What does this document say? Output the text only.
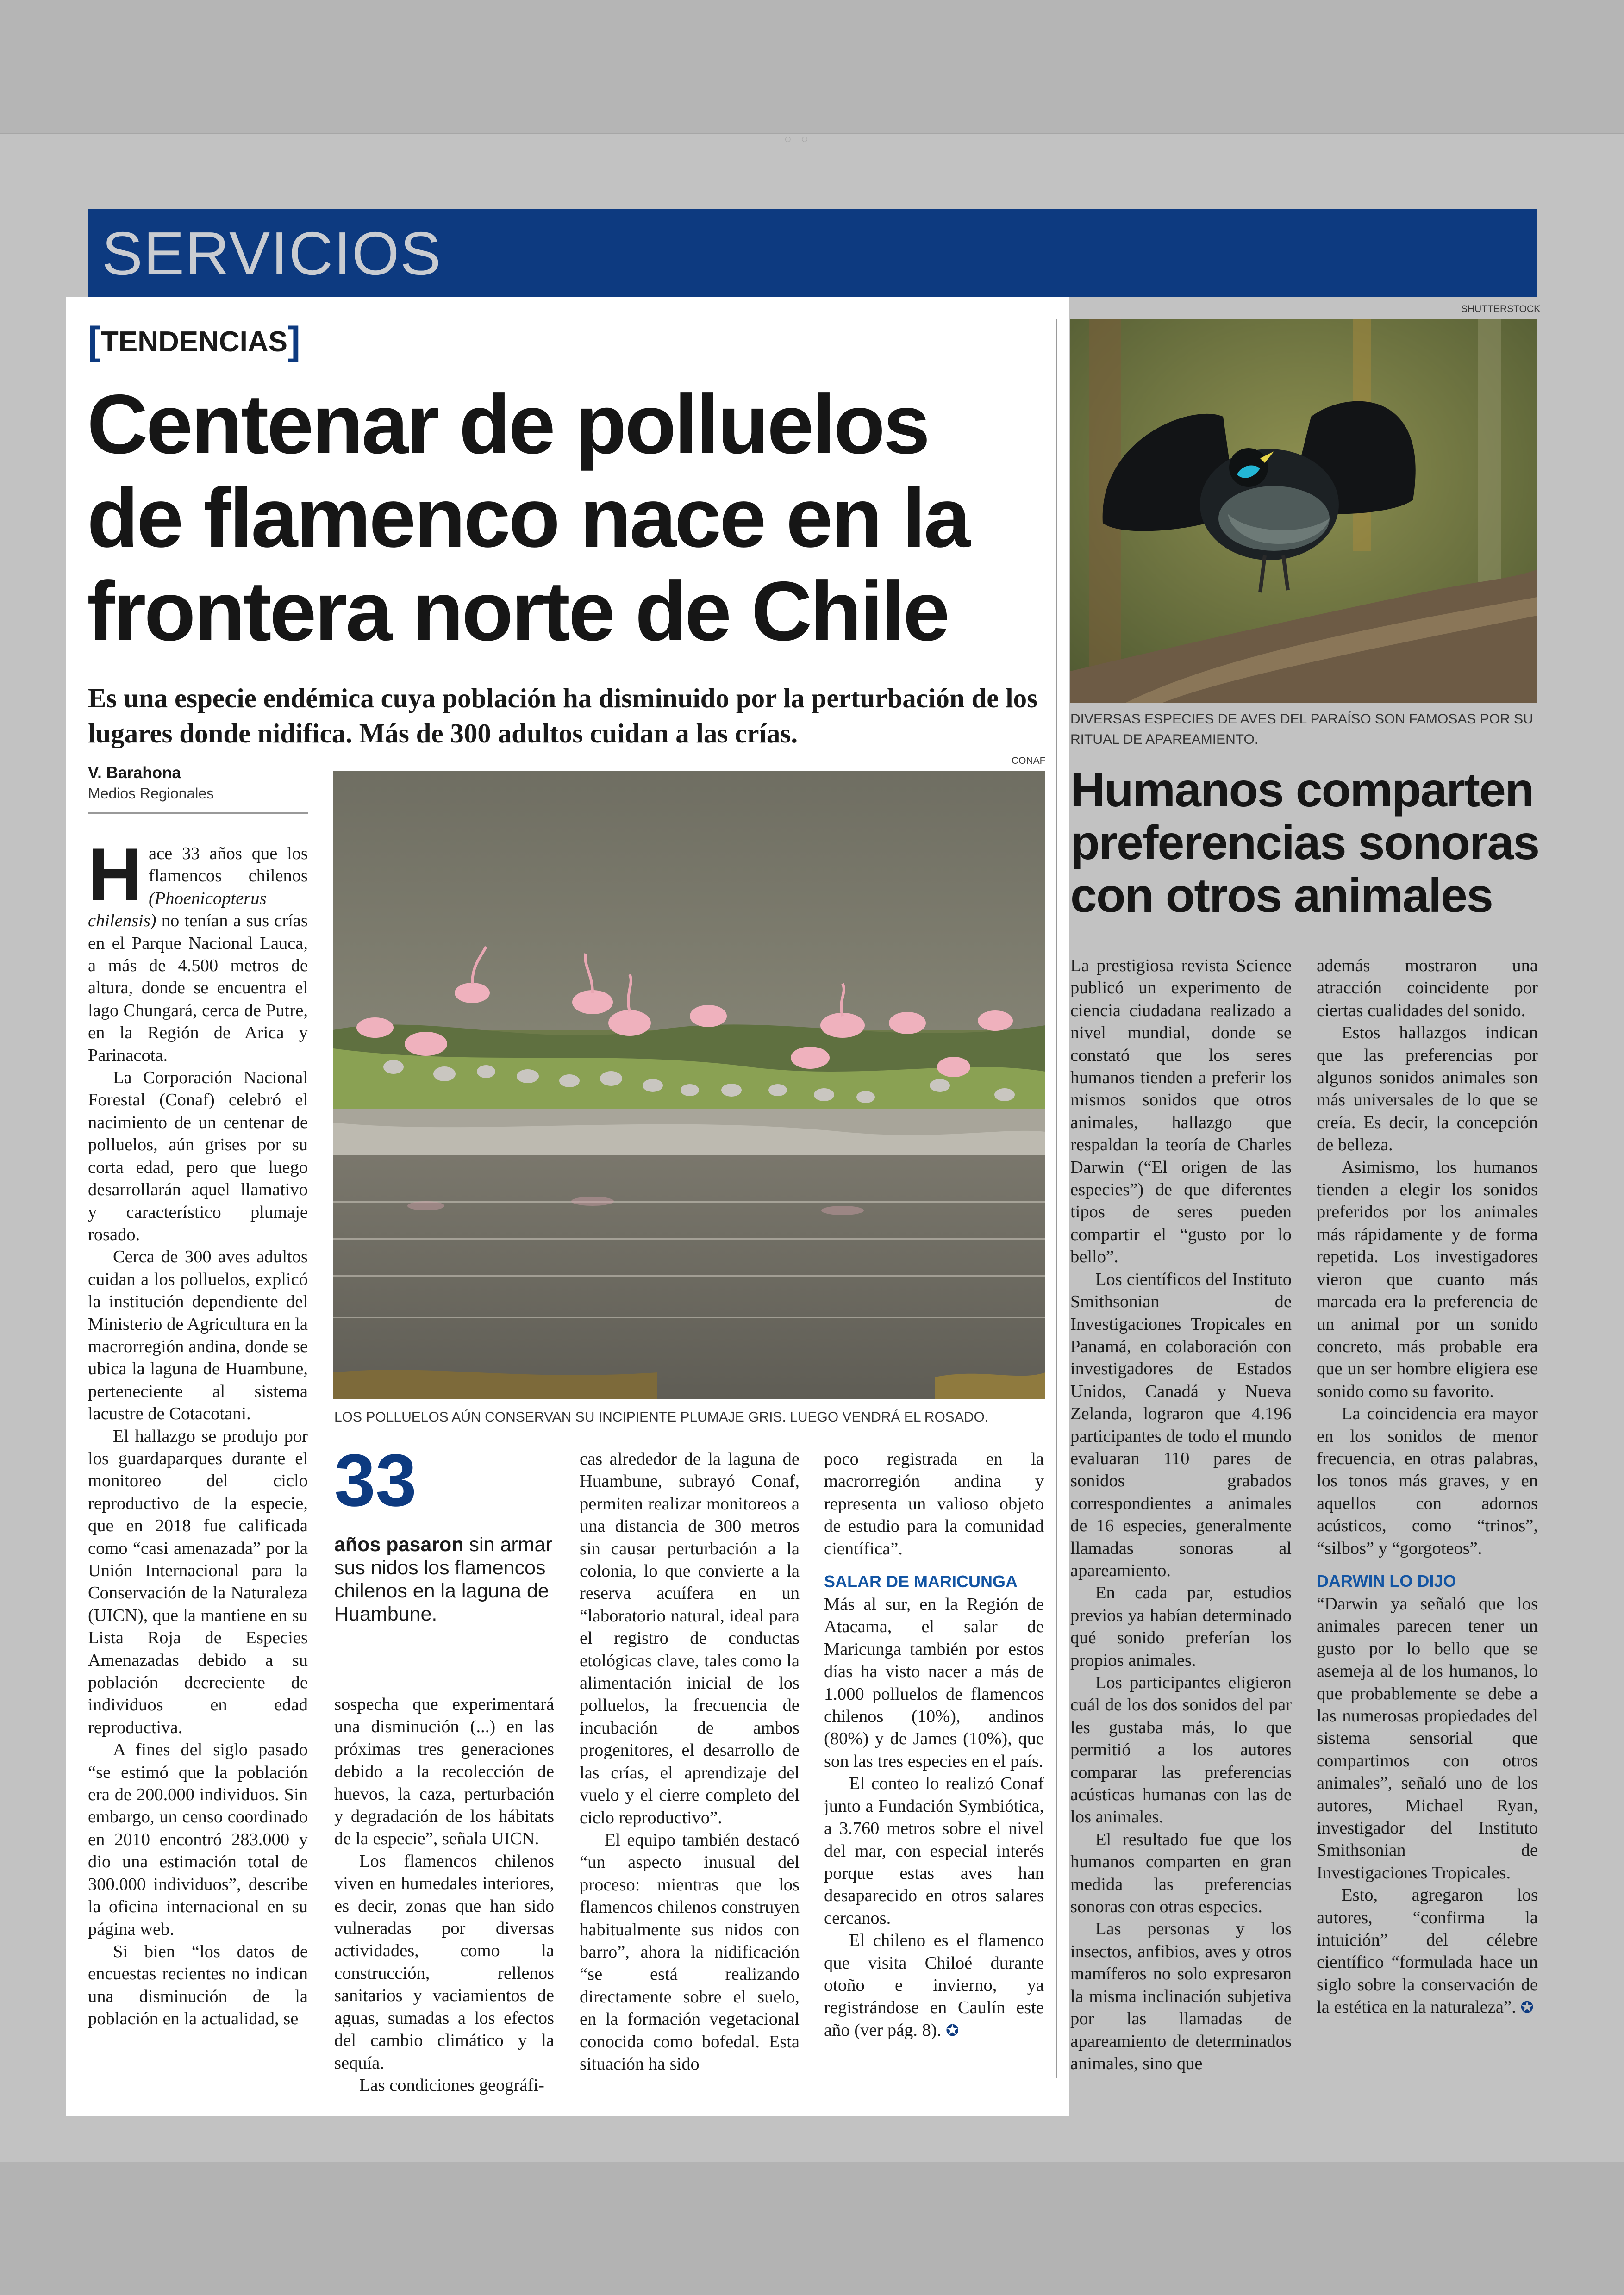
◦ ◦
SERVICIOS
[TENDENCIAS]
Centenar de polluelos
de flamenco nace en la
frontera norte de Chile
Es una especie endémica cuya población ha disminuido por la perturbación de los lugares donde nidifica. Más de 300 adultos cuidan a las crías.
V. Barahona
Medios Regionales
CONAF
LOS POLLUELOS AÚN CONSERVAN SU INCIPIENTE PLUMAJE GRIS. LUEGO VENDRÁ EL ROSADO.

Hace 33 años que los flamencos chilenos (Phoenicopterus chilensis) no tenían a sus crías en el Parque Nacional Lauca, a más de 4.500 metros de altura, donde se encuentra el lago Chungará, cerca de Putre, en la Región de Arica y Parinacota.

La Corporación Nacional Forestal (Conaf) celebró el nacimiento de un centenar de polluelos, aún grises por su corta edad, pero que luego desarrollarán aquel llamativo y característico plumaje rosado.

Cerca de 300 aves adultos cuidan a los polluelos, explicó la institución dependiente del Ministerio de Agricultura en la macrorregión andina, donde se ubica la laguna de Huambune, perteneciente al sistema lacustre de Cotacotani.

El hallazgo se produjo por los guardaparques durante el monitoreo del ciclo reproductivo de la especie, que en 2018 fue calificada como “casi amenazada” por la Unión Internacional para la Conservación de la Naturaleza (UICN), que la mantiene en su Lista Roja de Especies Amenazadas debido a su población decreciente de individuos en edad reproductiva.

A fines del siglo pasado “se estimó que la población era de 200.000 individuos. Sin embargo, un censo coordinado en 2010 encontró 283.000 y dio una estimación total de 300.000 individuos”, describe la oficina internacional en su página web.

Si bien “los datos de encuestas recientes no indican una disminución de la población en la actualidad, se

33
años pasaron sin armar sus nidos los flamencos chilenos en la laguna de Huambune.

sospecha que experimentará una disminución (...) en las próximas tres generaciones debido a la recolección de huevos, la caza, perturbación y degradación de los hábitats de la especie”, señala UICN.

Los flamencos chilenos viven en humedales interiores, es decir, zonas que han sido vulneradas por diversas actividades, como la construcción, rellenos sanitarios y vaciamientos de aguas, sumadas a los efectos del cambio climático y la sequía.

Las condiciones geográfi-

cas alrededor de la laguna de Huambune, subrayó Conaf, permiten realizar monitoreos a una distancia de 300 metros sin causar perturbación a la colonia, lo que convierte a la reserva acuífera en un “laboratorio natural, ideal para el registro de conductas etológicas clave, tales como la alimentación inicial de los polluelos, la frecuencia de incubación de ambos progenitores, el desarrollo de las crías, el aprendizaje del vuelo y el cierre completo del ciclo reproductivo”.

El equipo también destacó “un aspecto inusual del proceso: mientras que los flamencos chilenos construyen habitualmente sus nidos con barro”, ahora la nidificación “se está realizando directamente sobre el suelo, en la formación vegetacional conocida como bofedal. Esta situación ha sido

poco registrada en la macrorregión andina y representa un valioso objeto de estudio para la comunidad científica”.

SALAR DE MARICUNGA

Más al sur, en la Región de Atacama, el salar de Maricunga también por estos días ha visto nacer a más de 1.000 polluelos de flamencos chilenos (10%), andinos (80%) y de James (10%), que son las tres especies en el país.

El conteo lo realizó Conaf junto a Fundación Symbiótica, a 3.760 metros sobre el nivel del mar, con especial interés porque estas aves han desaparecido en otros salares cercanos.

El chileno es el flamenco que visita Chiloé durante otoño e invierno, ya registrándose en Caulín este año (ver pág. 8). ✪

SHUTTERSTOCK
DIVERSAS ESPECIES DE AVES DEL PARAÍSO SON FAMOSAS POR SU RITUAL DE APAREAMIENTO.
Humanos comparten
preferencias sonoras
con otros animales

La prestigiosa revista Science publicó un experimento de ciencia ciudadana realizado a nivel mundial, donde se constató que los seres humanos tienden a preferir los mismos sonidos que otros animales, hallazgo que respaldan la teoría de Charles Darwin (“El origen de las especies”) de que diferentes tipos de seres pueden compartir el “gusto por lo bello”.

Los científicos del Instituto Smithsonian de Investigaciones Tropicales en Panamá, en colaboración con investigadores de Estados Unidos, Canadá y Nueva Zelanda, lograron que 4.196 participantes de todo el mundo evaluaran 110 pares de sonidos grabados correspondientes a animales de 16 especies, generalmente llamadas sonoras al apareamiento.

En cada par, estudios previos ya habían determinado qué sonido preferían los propios animales.

Los participantes eligieron cuál de los dos sonidos del par les gustaba más, lo que permitió a los autores comparar las preferencias acústicas humanas con las de los animales.

El resultado fue que los humanos comparten en gran medida las preferencias sonoras con otras especies.

Las personas y los insectos, anfibios, aves y otros mamíferos no solo expresaron la misma inclinación subjetiva por las llamadas de apareamiento de determinados animales, sino que

además mostraron una atracción coincidente por ciertas cualidades del sonido.

Estos hallazgos indican que las preferencias por algunos sonidos animales son más universales de lo que se creía. Es decir, la concepción de belleza.

Asimismo, los humanos tienden a elegir los sonidos preferidos por los animales más rápidamente y de forma repetida. Los investigadores vieron que cuanto más marcada era la preferencia de un animal por un sonido concreto, más probable era que un ser hombre eligiera ese sonido como su favorito.

La coincidencia era mayor en los sonidos de menor frecuencia, en otras palabras, los tonos más graves, y en aquellos con adornos acústicos, como “trinos”, “silbos” y “gorgoteos”.

DARWIN LO DIJO

“Darwin ya señaló que los animales parecen tener un gusto por lo bello que se asemeja al de los humanos, lo que probablemente se debe a las numerosas propiedades del sistema sensorial que compartimos con otros animales”, señaló uno de los autores, Michael Ryan, investigador del Instituto Smithsonian de Investigaciones Tropicales.

Esto, agregaron los autores, “confirma la intuición” del célebre científico “formulada hace un siglo sobre la conservación de la estética en la naturaleza”. ✪
